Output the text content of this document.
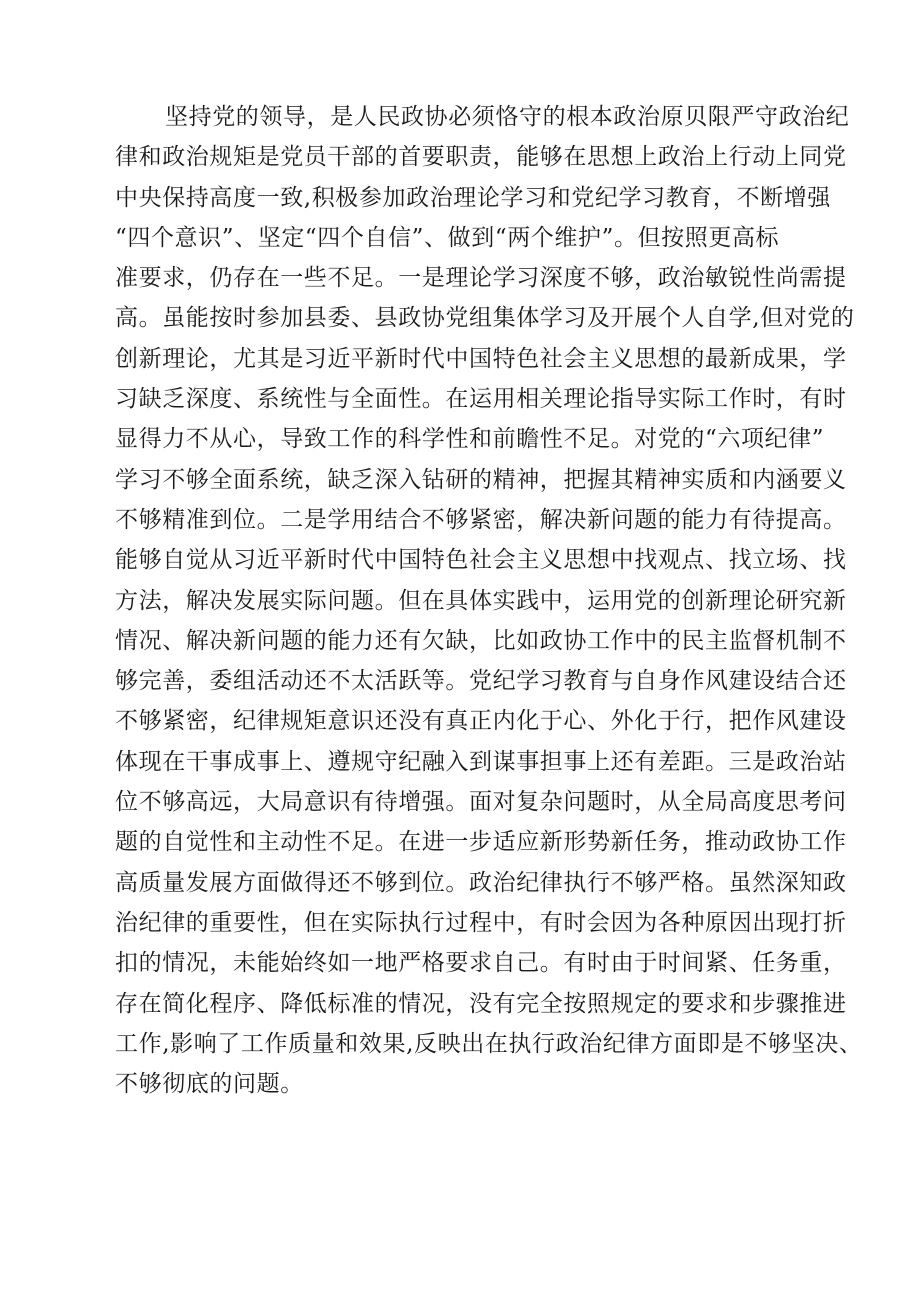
坚持党的领导，是人民政协必须恪守的根本政治原贝限严守政治纪
律和政治规矩是党员干部的首要职责，能够在思想上政治上行动上同党
中央保持高度一致,积极参加政治理论学习和党纪学习教育，不断增强
“四个意识”、坚定“四个自信”、做到“两个维护”。但按照更高标
准要求，仍存在一些不足。一是理论学习深度不够，政治敏锐性尚需提
高。虽能按时参加县委、县政协党组集体学习及开展个人自学,但对党的
创新理论，尤其是习近平新时代中国特色社会主义思想的最新成果，学
习缺乏深度、系统性与全面性。在运用相关理论指导实际工作时，有时
显得力不从心，导致工作的科学性和前瞻性不足。对党的“六项纪律”
学习不够全面系统，缺乏深入钻研的精神，把握其精神实质和内涵要义
不够精准到位。二是学用结合不够紧密，解决新问题的能力有待提高。
能够自觉从习近平新时代中国特色社会主义思想中找观点、找立场、找
方法，解决发展实际问题。但在具体实践中，运用党的创新理论研究新
情况、解决新问题的能力还有欠缺，比如政协工作中的民主监督机制不
够完善，委组活动还不太活跃等。党纪学习教育与自身作风建设结合还
不够紧密，纪律规矩意识还没有真正内化于心、外化于行，把作风建设
体现在干事成事上、遵规守纪融入到谋事担事上还有差距。三是政治站
位不够高远，大局意识有待增强。面对复杂问题时，从全局高度思考问
题的自觉性和主动性不足。在进一步适应新形势新任务，推动政协工作
高质量发展方面做得还不够到位。政治纪律执行不够严格。虽然深知政
治纪律的重要性，但在实际执行过程中，有时会因为各种原因出现打折
扣的情况，未能始终如一地严格要求自己。有时由于时间紧、任务重，
存在简化程序、降低标准的情况，没有完全按照规定的要求和步骤推进
工作,影响了工作质量和效果,反映出在执行政治纪律方面即是不够坚决、
不够彻底的问题。
